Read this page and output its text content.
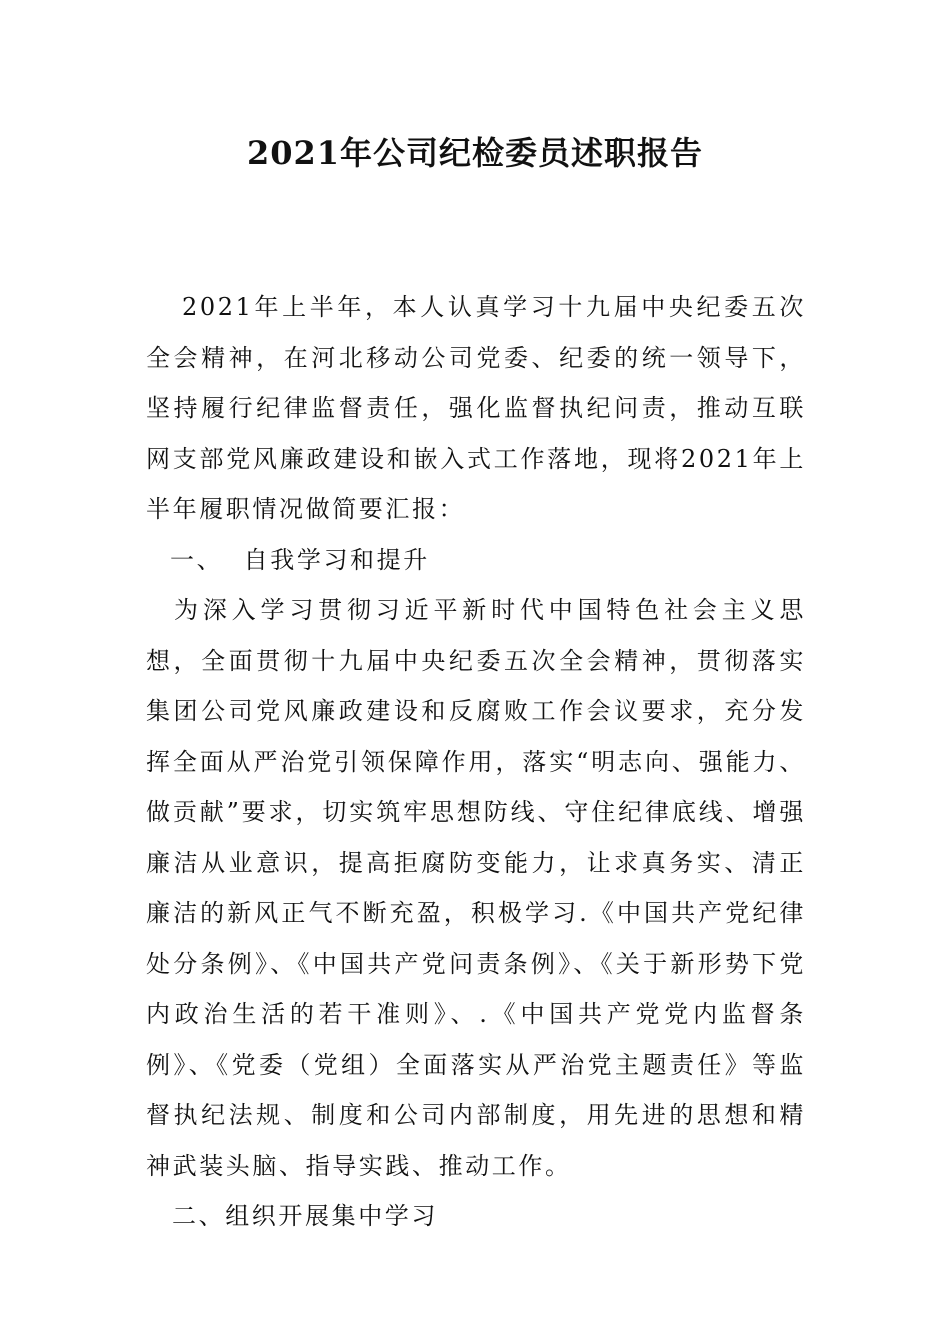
2021年公司纪检委员述职报告

2021年上半年，本人认真学习十九届中央纪委五次全会精神，在河北移动公司党委、纪委的统一领导下，坚持履行纪律监督责任，强化监督执纪问责，推动互联网支部党风廉政建设和嵌入式工作落地，现将2021年上半年履职情况做简要汇报：

一、  自我学习和提升

为深入学习贯彻习近平新时代中国特色社会主义思想，全面贯彻十九届中央纪委五次全会精神，贯彻落实集团公司党风廉政建设和反腐败工作会议要求，充分发挥全面从严治党引领保障作用，落实“明志向、强能力、做贡献”要求，切实筑牢思想防线、守住纪律底线、增强廉洁从业意识，提高拒腐防变能力，让求真务实、清正廉洁的新风正气不断充盈，积极学习.《中国共产党纪律处分条例》、《中国共产党问责条例》、《关于新形势下党内政治生活的若干准则》、.《中国共产党党内监督条例》、《党委（党组）全面落实从严治党主题责任》等监督执纪法规、制度和公司内部制度，用先进的思想和精神武装头脑、指导实践、推动工作。

二、组织开展集中学习
